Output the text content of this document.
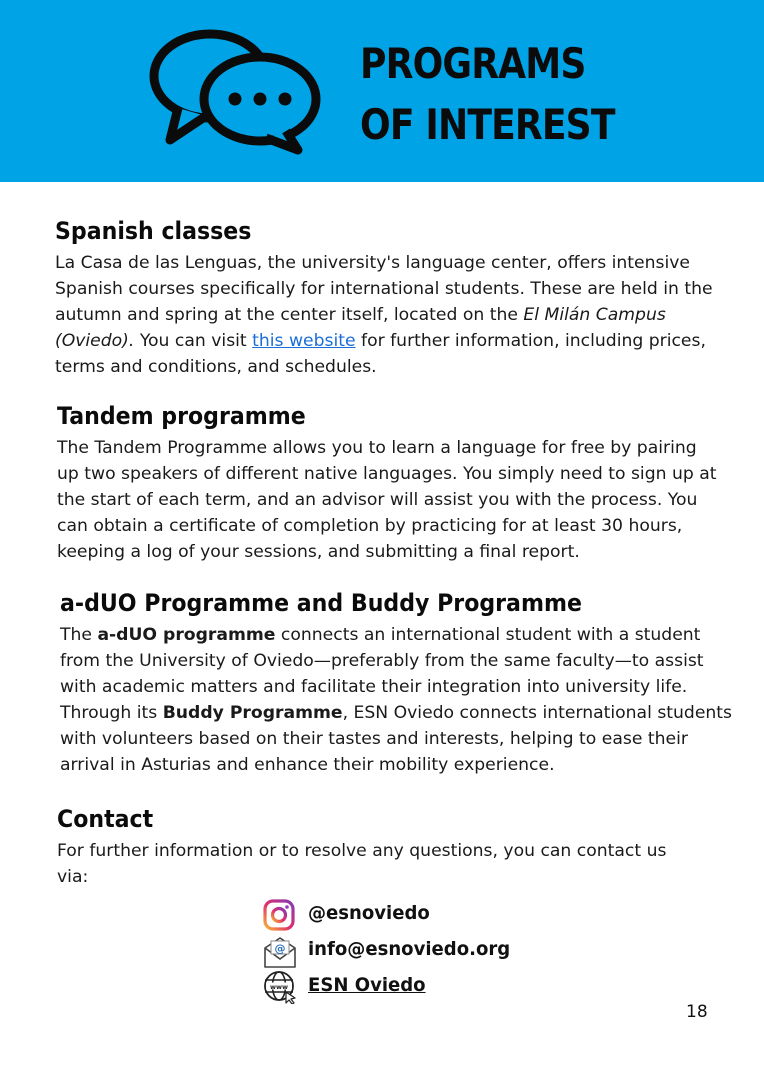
PROGRAMS
OF INTEREST
Spanish classes
La Casa de las Lenguas, the university's language center, offers intensive
Spanish courses specifically for international students. These are held in the
autumn and spring at the center itself, located on the El Milán Campus
(Oviedo). You can visit this website for further information, including prices,
terms and conditions, and schedules.
Tandem programme
The Tandem Programme allows you to learn a language for free by pairing
up two speakers of different native languages. You simply need to sign up at
the start of each term, and an advisor will assist you with the process. You
can obtain a certificate of completion by practicing for at least 30 hours,
keeping a log of your sessions, and submitting a final report.
a-dUO Programme and Buddy Programme
The a-dUO programme connects an international student with a student
from the University of Oviedo—preferably from the same faculty—to assist
with academic matters and facilitate their integration into university life.
Through its Buddy Programme, ESN Oviedo connects international students
with volunteers based on their tastes and interests, helping to ease their
arrival in Asturias and enhance their mobility experience.
Contact
For further information or to resolve any questions, you can contact us
via:
@esnoviedo
@ info@esnoviedo.org
www ESN Oviedo
18
